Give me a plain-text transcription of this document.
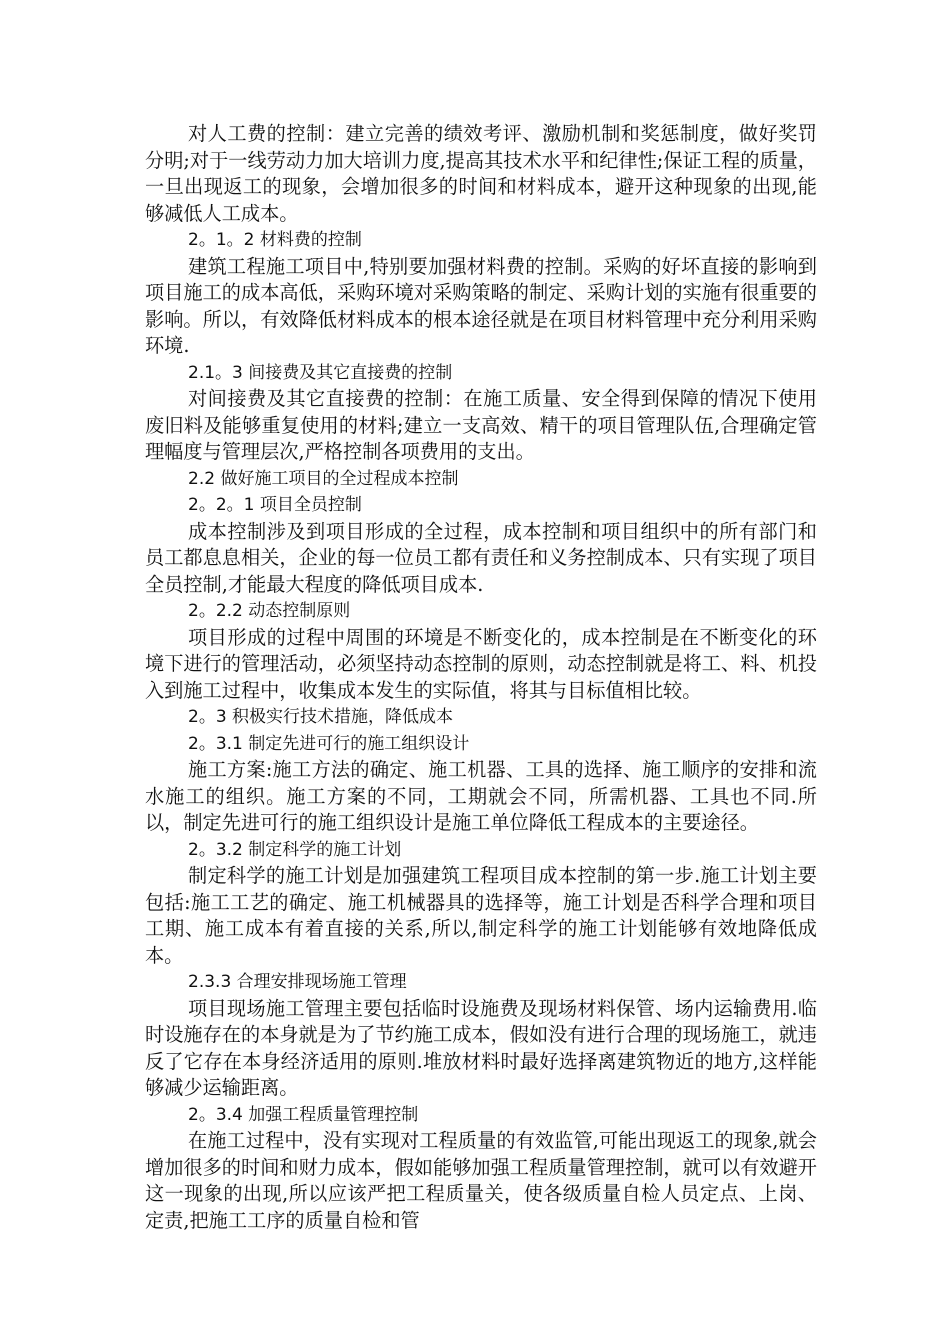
对人工费的控制：建立完善的绩效考评、激励机制和奖惩制度，做好奖罚分明;对于一线劳动力加大培训力度,提高其技术水平和纪律性;保证工程的质量，一旦出现返工的现象，会增加很多的时间和材料成本，避开这种现象的出现,能够减低人工成本。

2。1。2 材料费的控制

建筑工程施工项目中,特别要加强材料费的控制。采购的好坏直接的影响到项目施工的成本高低，采购环境对采购策略的制定、采购计划的实施有很重要的影响。所以，有效降低材料成本的根本途径就是在项目材料管理中充分利用采购环境.

2.1。3 间接费及其它直接费的控制

对间接费及其它直接费的控制：在施工质量、安全得到保障的情况下使用废旧料及能够重复使用的材料;建立一支高效、精干的项目管理队伍,合理确定管理幅度与管理层次,严格控制各项费用的支出。

2.2 做好施工项目的全过程成本控制

2。2。1 项目全员控制

成本控制涉及到项目形成的全过程，成本控制和项目组织中的所有部门和员工都息息相关，企业的每一位员工都有责任和义务控制成本、只有实现了项目全员控制,才能最大程度的降低项目成本.

2。2.2 动态控制原则

项目形成的过程中周围的环境是不断变化的，成本控制是在不断变化的环境下进行的管理活动，必须坚持动态控制的原则，动态控制就是将工、料、机投入到施工过程中，收集成本发生的实际值，将其与目标值相比较。

2。3 积极实行技术措施，降低成本

2。3.1 制定先进可行的施工组织设计

施工方案:施工方法的确定、施工机器、工具的选择、施工顺序的安排和流水施工的组织。施工方案的不同，工期就会不同，所需机器、工具也不同.所以，制定先进可行的施工组织设计是施工单位降低工程成本的主要途径。

2。3.2 制定科学的施工计划

制定科学的施工计划是加强建筑工程项目成本控制的第一步.施工计划主要包括:施工工艺的确定、施工机械器具的选择等，施工计划是否科学合理和项目工期、施工成本有着直接的关系,所以,制定科学的施工计划能够有效地降低成本。

2.3.3 合理安排现场施工管理

项目现场施工管理主要包括临时设施费及现场材料保管、场内运输费用.临时设施存在的本身就是为了节约施工成本，假如没有进行合理的现场施工，就违反了它存在本身经济适用的原则.堆放材料时最好选择离建筑物近的地方,这样能够减少运输距离。

2。3.4 加强工程质量管理控制

在施工过程中，没有实现对工程质量的有效监管,可能出现返工的现象,就会增加很多的时间和财力成本，假如能够加强工程质量管理控制，就可以有效避开这一现象的出现,所以应该严把工程质量关，使各级质量自检人员定点、上岗、定责,把施工工序的质量自检和管
